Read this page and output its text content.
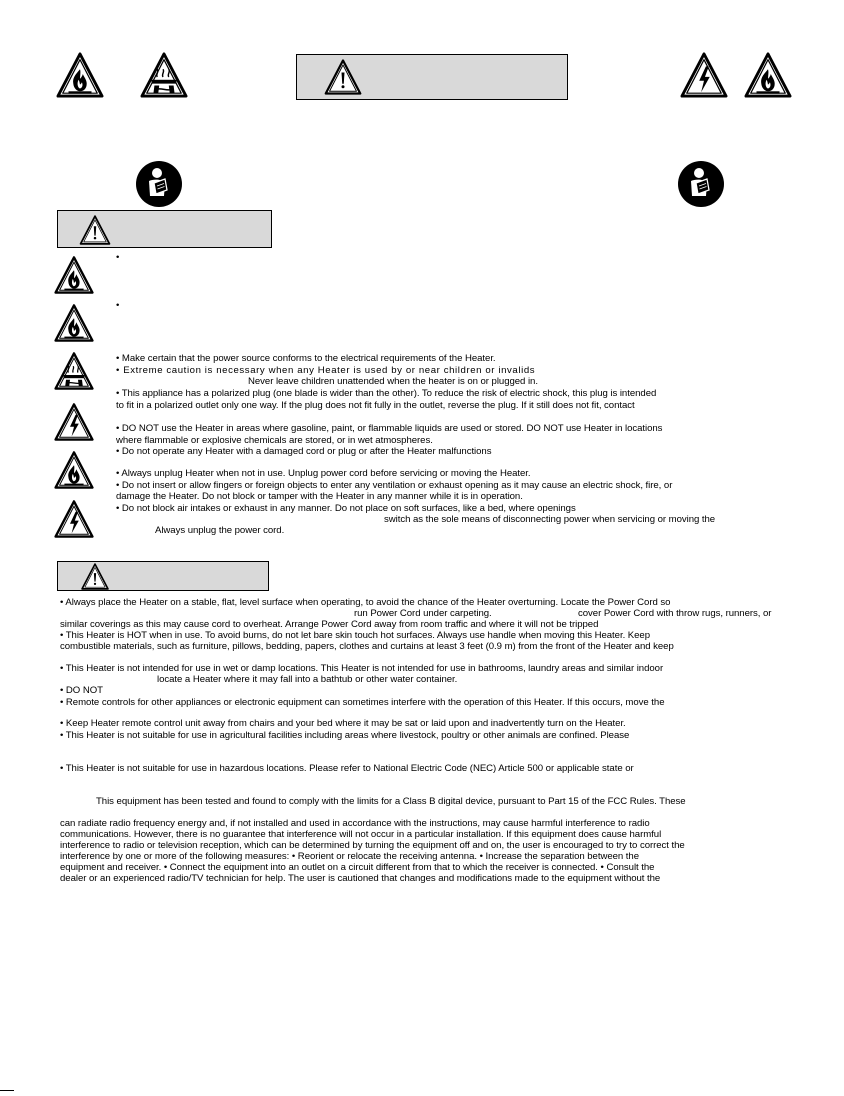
•
•
• Make certain that the power source conforms to the electrical requirements of the Heater.
• Extreme caution is necessary when any Heater is used by or near children or invalids
Never leave children unattended when the heater is on or plugged in.
• This appliance has a polarized plug (one blade is wider than the other). To reduce the risk of electric shock, this plug is intended
to fit in a polarized outlet only one way. If the plug does not fit fully in the outlet, reverse the plug. If it still does not fit, contact
• DO NOT use the Heater in areas where gasoline, paint, or flammable liquids are used or stored. DO NOT use Heater in locations
where flammable or explosive chemicals are stored, or in wet atmospheres.
• Do not operate any Heater with a damaged cord or plug or after the Heater malfunctions
• Always unplug Heater when not in use. Unplug power cord before servicing or moving the Heater.
• Do not insert or allow fingers or foreign objects to enter any ventilation or exhaust opening as it may cause an electric shock, fire, or
damage the Heater. Do not block or tamper with the Heater in any manner while it is in operation.
• Do not block air intakes or exhaust in any manner. Do not place on soft surfaces, like a bed, where openings
switch as the sole means of disconnecting power when servicing or moving the
Always unplug the power cord.
• Always place the Heater on a stable, flat, level surface when operating, to avoid the chance of the Heater overturning. Locate the Power Cord so
run Power Cord under carpeting.	cover Power Cord with throw rugs, runners, or
similar coverings as this may cause cord to overheat. Arrange Power Cord away from room traffic and where it will not be tripped
• This Heater is HOT when in use. To avoid burns, do not let bare skin touch hot surfaces. Always use handle when moving this Heater. Keep
combustible materials, such as furniture, pillows, bedding, papers, clothes and curtains at least 3 feet (0.9 m) from the front of the Heater and keep
• This Heater is not intended for use in wet or damp locations. This Heater is not intended for use in bathrooms, laundry areas and similar indoor
locate a Heater where it may fall into a bathtub or other water container.
• DO NOT
• Remote controls for other appliances or electronic equipment can sometimes interfere with the operation of this Heater. If this occurs, move the
• Keep Heater remote control unit away from chairs and your bed where it may be sat or laid upon and inadvertently turn on the Heater.
• This Heater is not suitable for use in agricultural facilities including areas where livestock, poultry or other animals are confined. Please
• This Heater is not suitable for use in hazardous locations. Please refer to National Electric Code (NEC) Article 500 or applicable state or
This equipment has been tested and found to comply with the limits for a Class B digital device, pursuant to Part 15 of the FCC Rules. These
can radiate radio frequency energy and, if not installed and used in accordance with the instructions, may cause harmful interference to radio
communications. However, there is no guarantee that interference will not occur in a particular installation. If this equipment does cause harmful
interference to radio or television reception, which can be determined by turning the equipment off and on, the user is encouraged to try to correct the
interference by one or more of the following measures: • Reorient or relocate the receiving antenna. • Increase the separation between the
equipment and receiver. • Connect the equipment into an outlet on a circuit different from that to which the receiver is connected. • Consult the
dealer or an experienced radio/TV technician for help. The user is cautioned that changes and modifications made to the equipment without the
